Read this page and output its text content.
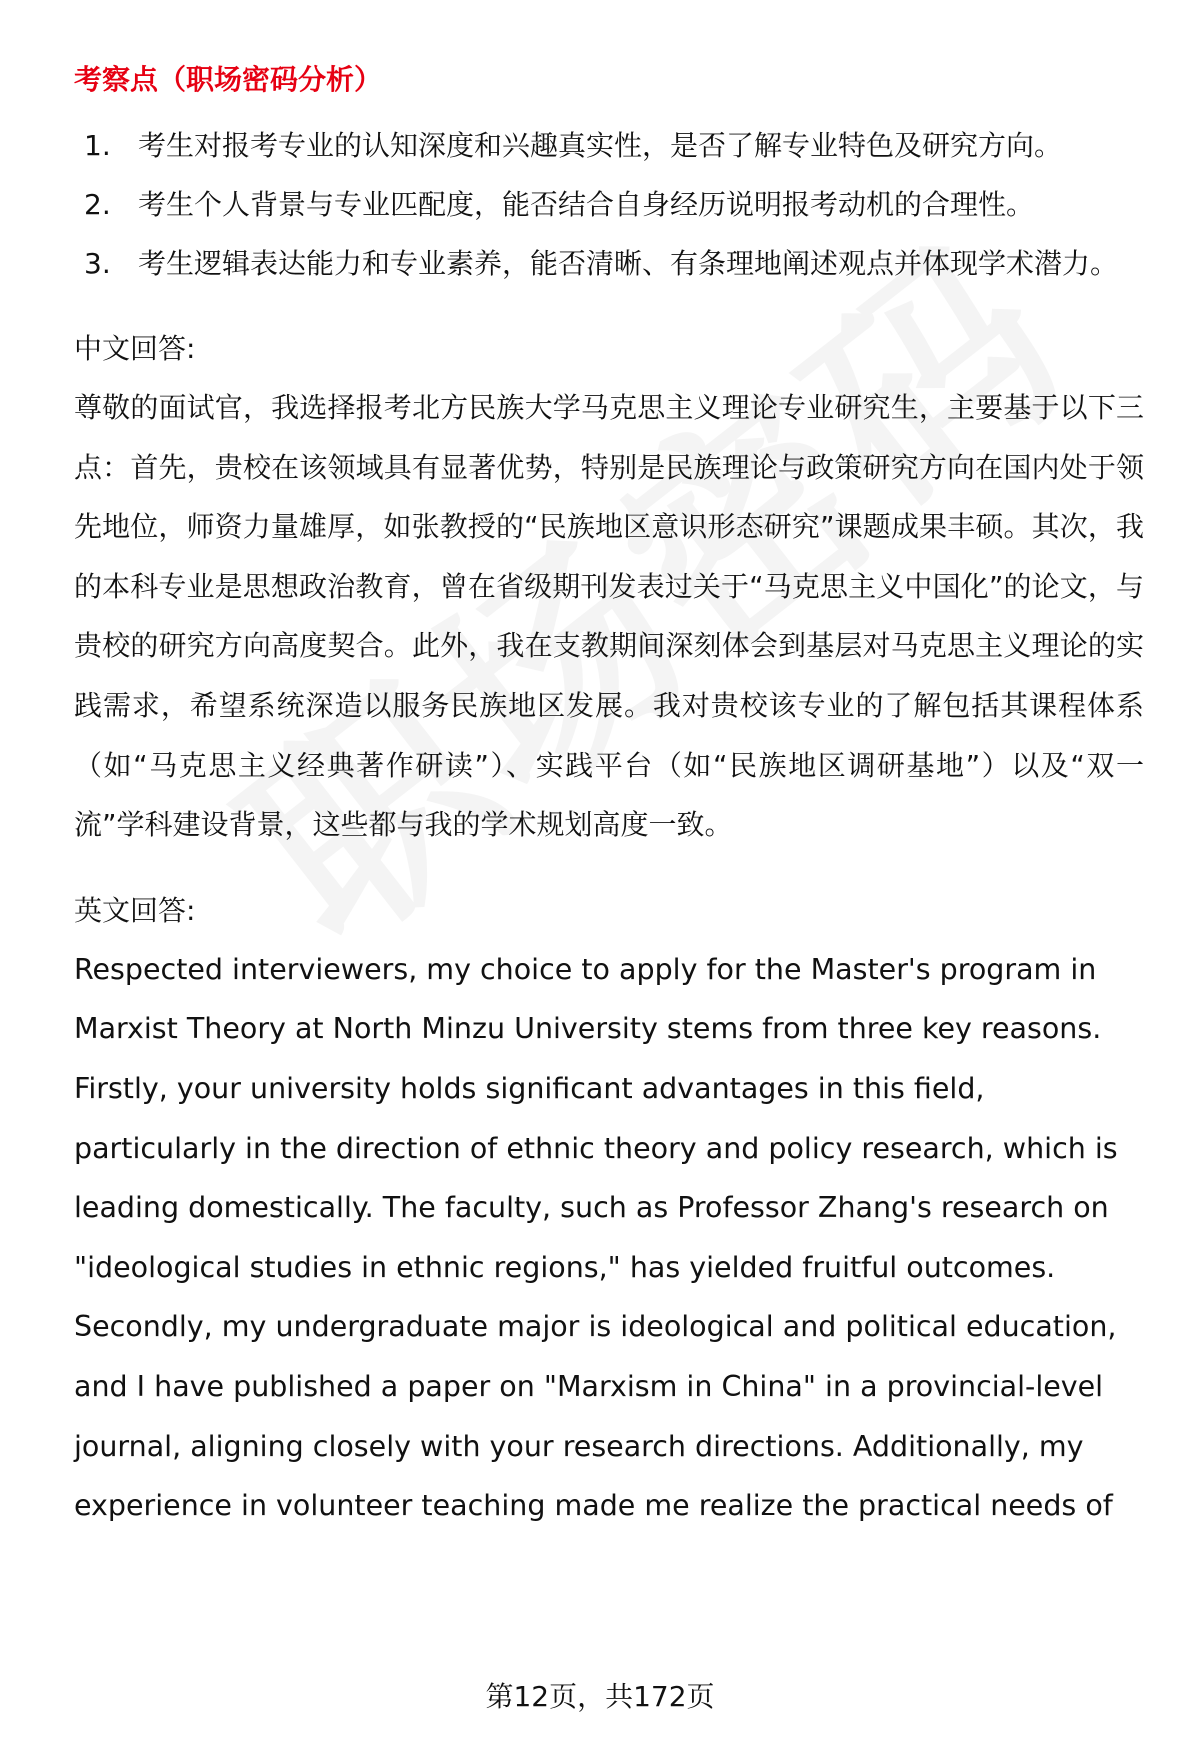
考察点（职场密码分析）
1. 考生对报考专业的认知深度和兴趣真实性，是否了解专业特色及研究方向。
2. 考生个人背景与专业匹配度，能否结合自身经历说明报考动机的合理性。
3. 考生逻辑表达能力和专业素养，能否清晰、有条理地阐述观点并体现学术潜力。
中文回答:

尊敬的面试官，我选择报考北方民族大学马克思主义理论专业研究生，主要基于以下三点：首先，贵校在该领域具有显著优势，特别是民族理论与政策研究方向在国内处于领先地位，师资力量雄厚，如张教授的“民族地区意识形态研究”课题成果丰硕。其次，我的本科专业是思想政治教育，曾在省级期刊发表过关于“马克思主义中国化”的论文，与贵校的研究方向高度契合。此外，我在支教期间深刻体会到基层对马克思主义理论的实践需求，希望系统深造以服务民族地区发展。我对贵校该专业的了解包括其课程体系（如“马克思主义经典著作研读”）、实践平台（如“民族地区调研基地”）以及“双一流”学科建设背景，这些都与我的学术规划高度一致。

英文回答:

Respected interviewers, my choice to apply for the Master's program in Marxist Theory at North Minzu University stems from three key reasons. Firstly, your university holds significant advantages in this field, particularly in the direction of ethnic theory and policy research, which is leading domestically. The faculty, such as Professor Zhang's research on "ideological studies in ethnic regions," has yielded fruitful outcomes. Secondly, my undergraduate major is ideological and political education, and I have published a paper on "Marxism in China" in a provincial-level journal, aligning closely with your research directions. Additionally, my experience in volunteer teaching made me realize the practical needs of

第12页，共172页
